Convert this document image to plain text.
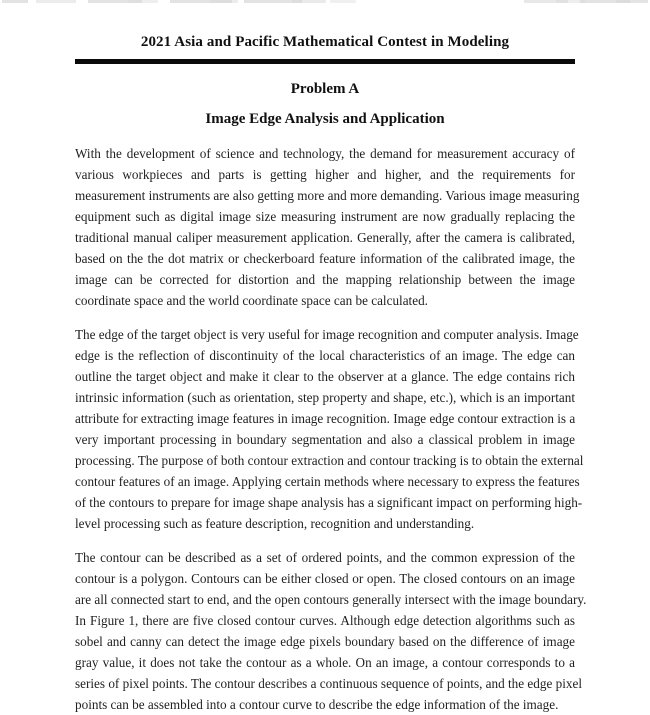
2021 Asia and Pacific Mathematical Contest in Modeling
Problem A
Image Edge Analysis and Application
With the development of science and technology, the demand for measurement accuracy of
various workpieces and parts is getting higher and higher, and the requirements for
measurement instruments are also getting more and more demanding. Various image measuring
equipment such as digital image size measuring instrument are now gradually replacing the
traditional manual caliper measurement application. Generally, after the camera is calibrated,
based on the the dot matrix or checkerboard feature information of the calibrated image, the
image can be corrected for distortion and the mapping relationship between the image
coordinate space and the world coordinate space can be calculated.
The edge of the target object is very useful for image recognition and computer analysis. Image
edge is the reflection of discontinuity of the local characteristics of an image. The edge can
outline the target object and make it clear to the observer at a glance. The edge contains rich
intrinsic information (such as orientation, step property and shape, etc.), which is an important
attribute for extracting image features in image recognition. Image edge contour extraction is a
very important processing in boundary segmentation and also a classical problem in image
processing. The purpose of both contour extraction and contour tracking is to obtain the external
contour features of an image. Applying certain methods where necessary to express the features
of the contours to prepare for image shape analysis has a significant impact on performing high-
level processing such as feature description, recognition and understanding.
The contour can be described as a set of ordered points, and the common expression of the
contour is a polygon. Contours can be either closed or open. The closed contours on an image
are all connected start to end, and the open contours generally intersect with the image boundary.
In Figure 1, there are five closed contour curves. Although edge detection algorithms such as
sobel and canny can detect the image edge pixels boundary based on the difference of image
gray value, it does not take the contour as a whole. On an image, a contour corresponds to a
series of pixel points. The contour describes a continuous sequence of points, and the edge pixel
points can be assembled into a contour curve to describe the edge information of the image.
